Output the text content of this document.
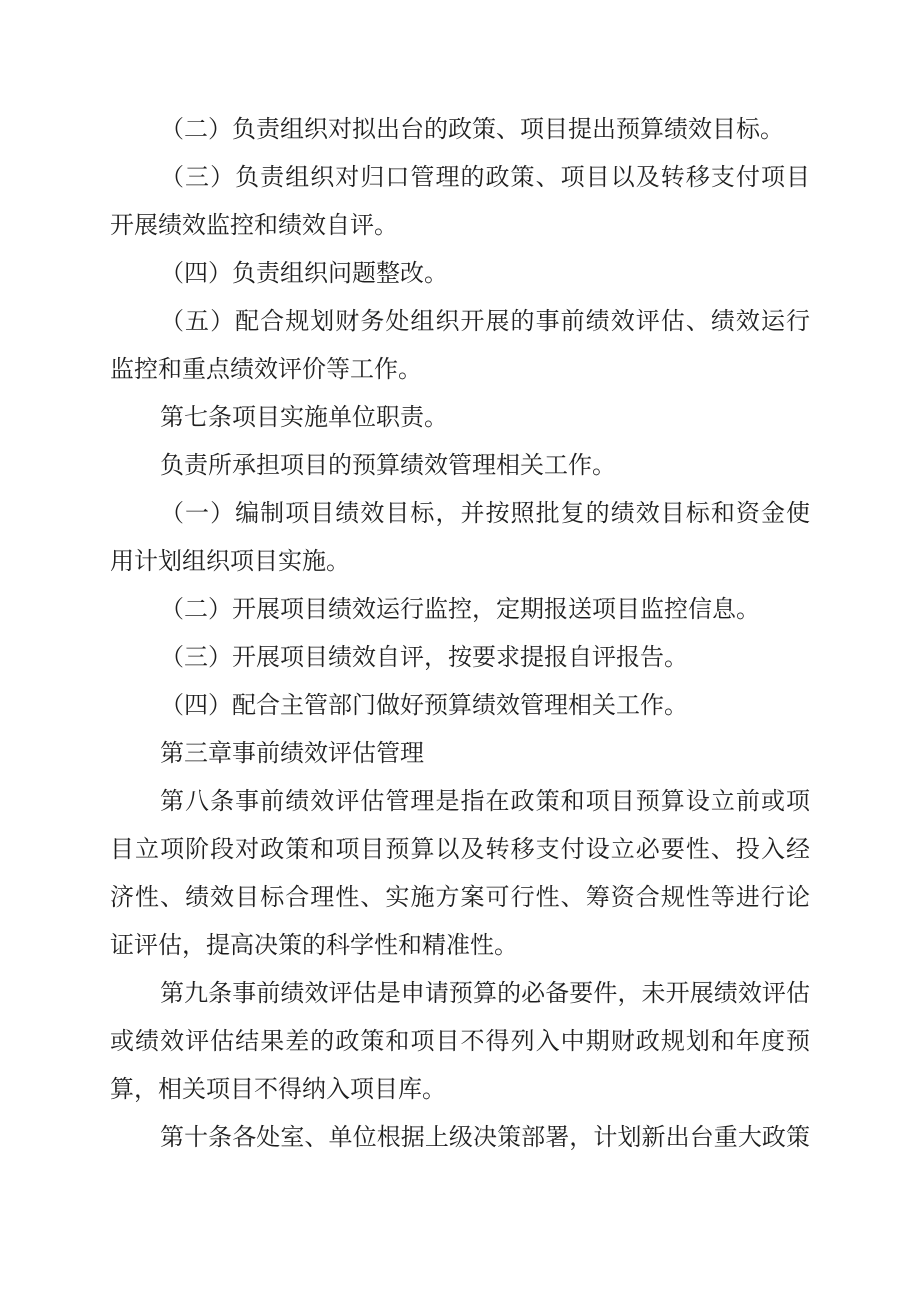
（二）负责组织对拟出台的政策、项目提出预算绩效目标。
（三）负责组织对归口管理的政策、项目以及转移支付项目
开展绩效监控和绩效自评。
（四）负责组织问题整改。
（五）配合规划财务处组织开展的事前绩效评估、绩效运行
监控和重点绩效评价等工作。
第七条项目实施单位职责。
负责所承担项目的预算绩效管理相关工作。
（一）编制项目绩效目标，并按照批复的绩效目标和资金使
用计划组织项目实施。
（二）开展项目绩效运行监控，定期报送项目监控信息。
（三）开展项目绩效自评，按要求提报自评报告。
（四）配合主管部门做好预算绩效管理相关工作。
第三章事前绩效评估管理
第八条事前绩效评估管理是指在政策和项目预算设立前或项
目立项阶段对政策和项目预算以及转移支付设立必要性、投入经
济性、绩效目标合理性、实施方案可行性、筹资合规性等进行论
证评估，提高决策的科学性和精准性。
第九条事前绩效评估是申请预算的必备要件，未开展绩效评估
或绩效评估结果差的政策和项目不得列入中期财政规划和年度预
算，相关项目不得纳入项目库。
第十条各处室、单位根据上级决策部署，计划新出台重大政策
